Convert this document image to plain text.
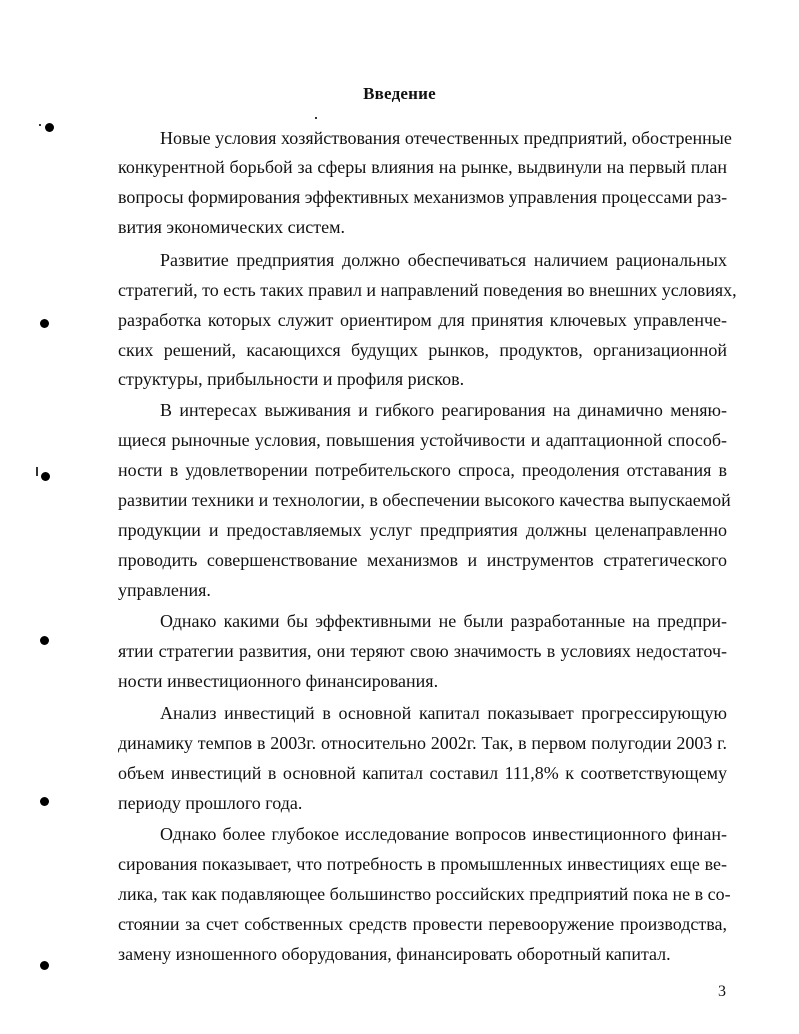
Введение
Новые условия хозяйствования отечественных предприятий, обостренные
конкурентной борьбой за сферы влияния на рынке, выдвинули на первый план
вопросы формирования эффективных механизмов управления процессами раз-
вития экономических систем.
Развитие предприятия должно обеспечиваться наличием рациональных
стратегий, то есть таких правил и направлений поведения во внешних условиях,
разработка которых служит ориентиром для принятия ключевых управленче-
ских решений, касающихся будущих рынков, продуктов, организационной
структуры, прибыльности и профиля рисков.
В интересах выживания и гибкого реагирования на динамично меняю-
щиеся рыночные условия, повышения устойчивости и адаптационной способ-
ности в удовлетворении потребительского спроса, преодоления отставания в
развитии техники и технологии, в обеспечении высокого качества выпускаемой
продукции и предоставляемых услуг предприятия должны целенаправленно
проводить совершенствование механизмов и инструментов стратегического
управления.
Однако какими бы эффективными не были разработанные на предпри-
ятии стратегии развития, они теряют свою значимость в условиях недостаточ-
ности инвестиционного финансирования.
Анализ инвестиций в основной капитал показывает прогрессирующую
динамику темпов в 2003г. относительно 2002г. Так, в первом полугодии 2003 г.
объем инвестиций в основной капитал составил 111,8% к соответствующему
периоду прошлого года.
Однако более глубокое исследование вопросов инвестиционного финан-
сирования показывает, что потребность в промышленных инвестициях еще ве-
лика, так как подавляющее большинство российских предприятий пока не в со-
стоянии за счет собственных средств провести перевооружение производства,
замену изношенного оборудования, финансировать оборотный капитал.
3
